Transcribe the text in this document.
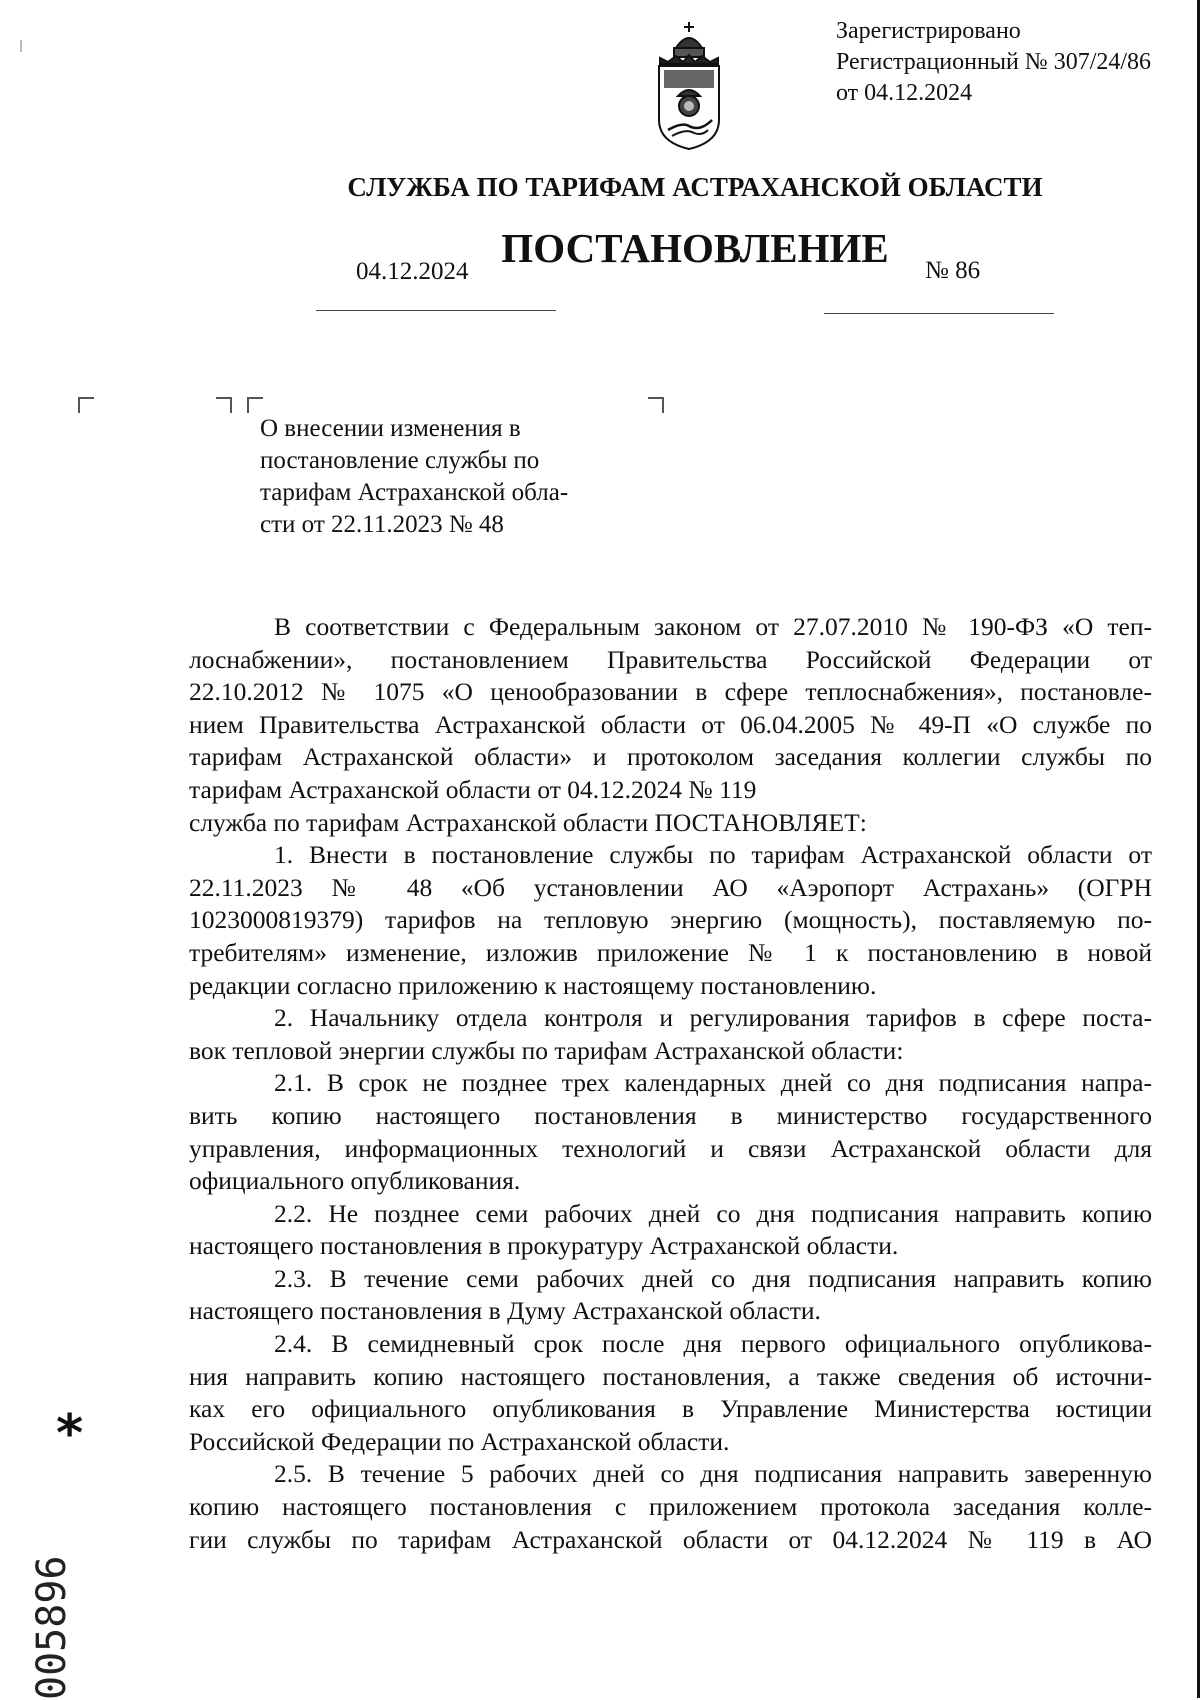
Зарегистрировано
Регистрационный № 307/24/86
от 04.12.2024
СЛУЖБА ПО ТАРИФАМ АСТРАХАНСКОЙ ОБЛАСТИ
ПОСТАНОВЛЕНИЕ
04.12.2024	№ 86
О внесении изменения в
постановление службы по
тарифам Астраханской обла-
сти от 22.11.2023 № 48
В соответствии с Федеральным законом от 27.07.2010 № 190-ФЗ «О теп-
лоснабжении», постановлением Правительства Российской Федерации от
22.10.2012 № 1075 «О ценообразовании в сфере теплоснабжения», постановле-
нием Правительства Астраханской области от 06.04.2005 № 49-П «О службе по
тарифам Астраханской области» и протоколом заседания коллегии службы по
тарифам Астраханской области от 04.12.2024 № 119
служба по тарифам Астраханской области ПОСТАНОВЛЯЕТ:
1. Внести в постановление службы по тарифам Астраханской области от
22.11.2023 № 48 «Об установлении АО «Аэропорт Астрахань» (ОГРН
1023000819379) тарифов на тепловую энергию (мощность), поставляемую по-
требителям» изменение, изложив приложение № 1 к постановлению в новой
редакции согласно приложению к настоящему постановлению.
2. Начальнику отдела контроля и регулирования тарифов в сфере поста-
вок тепловой энергии службы по тарифам Астраханской области:
2.1. В срок не позднее трех календарных дней со дня подписания напра-
вить копию настоящего постановления в министерство государственного
управления, информационных технологий и связи Астраханской области для
официального опубликования.
2.2. Не позднее семи рабочих дней со дня подписания направить копию
настоящего постановления в прокуратуру Астраханской области.
2.3. В течение семи рабочих дней со дня подписания направить копию
настоящего постановления в Думу Астраханской области.
2.4. В семидневный срок после дня первого официального опубликова-
ния направить копию настоящего постановления, а также сведения об источни-
ках его официального опубликования в Управление Министерства юстиции
Российской Федерации по Астраханской области.
2.5. В течение 5 рабочих дней со дня подписания направить заверенную
копию настоящего постановления с приложением протокола заседания колле-
гии службы по тарифам Астраханской области от 04.12.2024 № 119 в АО
*
005896
